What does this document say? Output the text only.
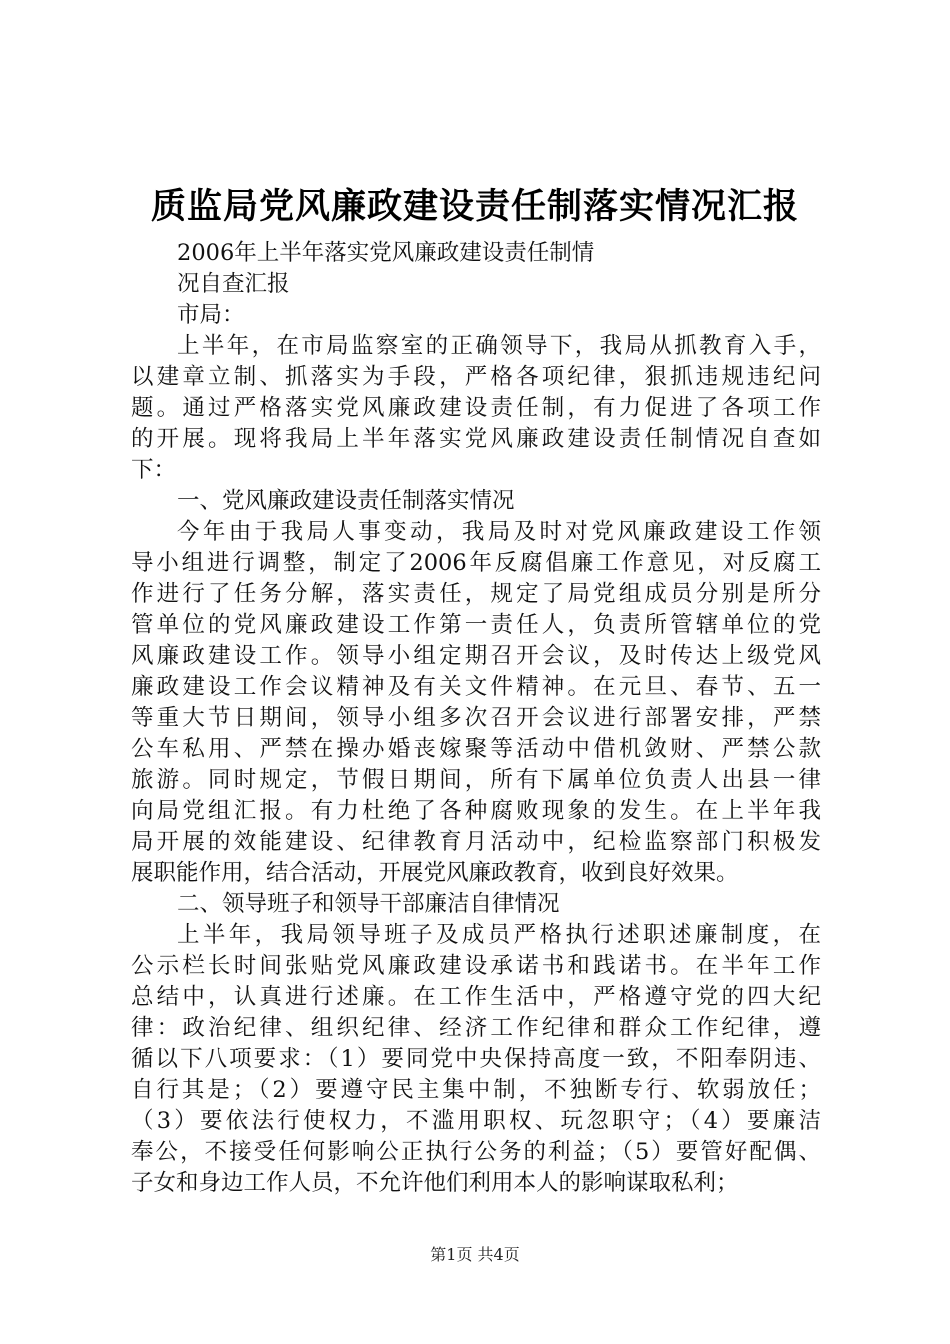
质监局党风廉政建设责任制落实情况汇报

2006年上半年落实党风廉政建设责任制情

况自查汇报

市局：

上半年，在市局监察室的正确领导下，我局从抓教育入手，

以建章立制、抓落实为手段，严格各项纪律，狠抓违规违纪问

题。通过严格落实党风廉政建设责任制，有力促进了各项工作

的开展。现将我局上半年落实党风廉政建设责任制情况自查如

下：

一、党风廉政建设责任制落实情况

今年由于我局人事变动，我局及时对党风廉政建设工作领

导小组进行调整，制定了2006年反腐倡廉工作意见，对反腐工

作进行了任务分解，落实责任，规定了局党组成员分别是所分

管单位的党风廉政建设工作第一责任人，负责所管辖单位的党

风廉政建设工作。领导小组定期召开会议，及时传达上级党风

廉政建设工作会议精神及有关文件精神。在元旦、春节、五一

等重大节日期间，领导小组多次召开会议进行部署安排，严禁

公车私用、严禁在操办婚丧嫁聚等活动中借机敛财、严禁公款

旅游。同时规定，节假日期间，所有下属单位负责人出县一律

向局党组汇报。有力杜绝了各种腐败现象的发生。在上半年我

局开展的效能建设、纪律教育月活动中，纪检监察部门积极发

展职能作用，结合活动，开展党风廉政教育，收到良好效果。

二、领导班子和领导干部廉洁自律情况

上半年，我局领导班子及成员严格执行述职述廉制度，在

公示栏长时间张贴党风廉政建设承诺书和践诺书。在半年工作

总结中，认真进行述廉。在工作生活中，严格遵守党的四大纪

律：政治纪律、组织纪律、经济工作纪律和群众工作纪律，遵

循以下八项要求：（1）要同党中央保持高度一致，不阳奉阴违、

自行其是；（2）要遵守民主集中制，不独断专行、软弱放任；

（3）要依法行使权力，不滥用职权、玩忽职守；（4）要廉洁

奉公，不接受任何影响公正执行公务的利益；（5）要管好配偶、

子女和身边工作人员，不允许他们利用本人的影响谋取私利；

第1页 共4页
